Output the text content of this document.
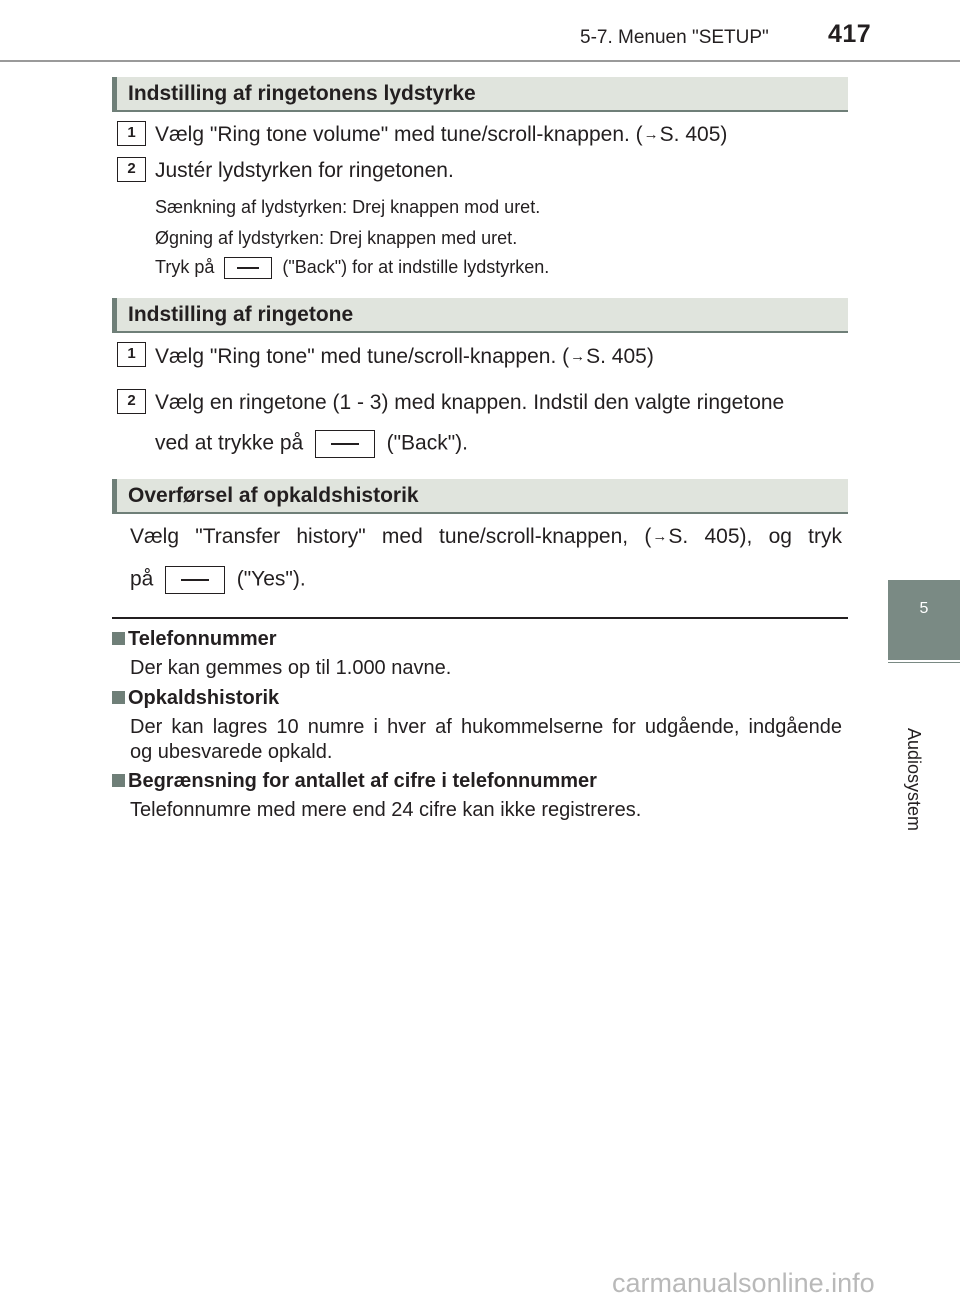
5-7. Menuen "SETUP" 417
5
Audiosystem
Indstilling af ringetonens lydstyrke
1 Vælg "Ring tone volume" med tune/scroll-knappen. (→S. 405)
2 Justér lydstyrken for ringetonen.
Sænkning af lydstyrken: Drej knappen mod uret.
Øgning af lydstyrken: Drej knappen med uret.
Tryk på	("Back") for at indstille lydstyrken.
Indstilling af ringetone
1 Vælg "Ring tone" med tune/scroll-knappen. (→S. 405)
2 Vælg en ringetone (1 - 3) med knappen. Indstil den valgte ringetone
ved at trykke på	("Back").
Overførsel af opkaldshistorik
Vælg "Transfer history" med tune/scroll-knappen, (→S. 405), og tryk
på	("Yes").
Telefonnummer
Der kan gemmes op til 1.000 navne.
Opkaldshistorik
Der kan lagres 10 numre i hver af hukommelserne for udgående, indgående
og ubesvarede opkald.
Begrænsning for antallet af cifre i telefonnummer
Telefonnumre med mere end 24 cifre kan ikke registreres.
carmanualsonline.info
